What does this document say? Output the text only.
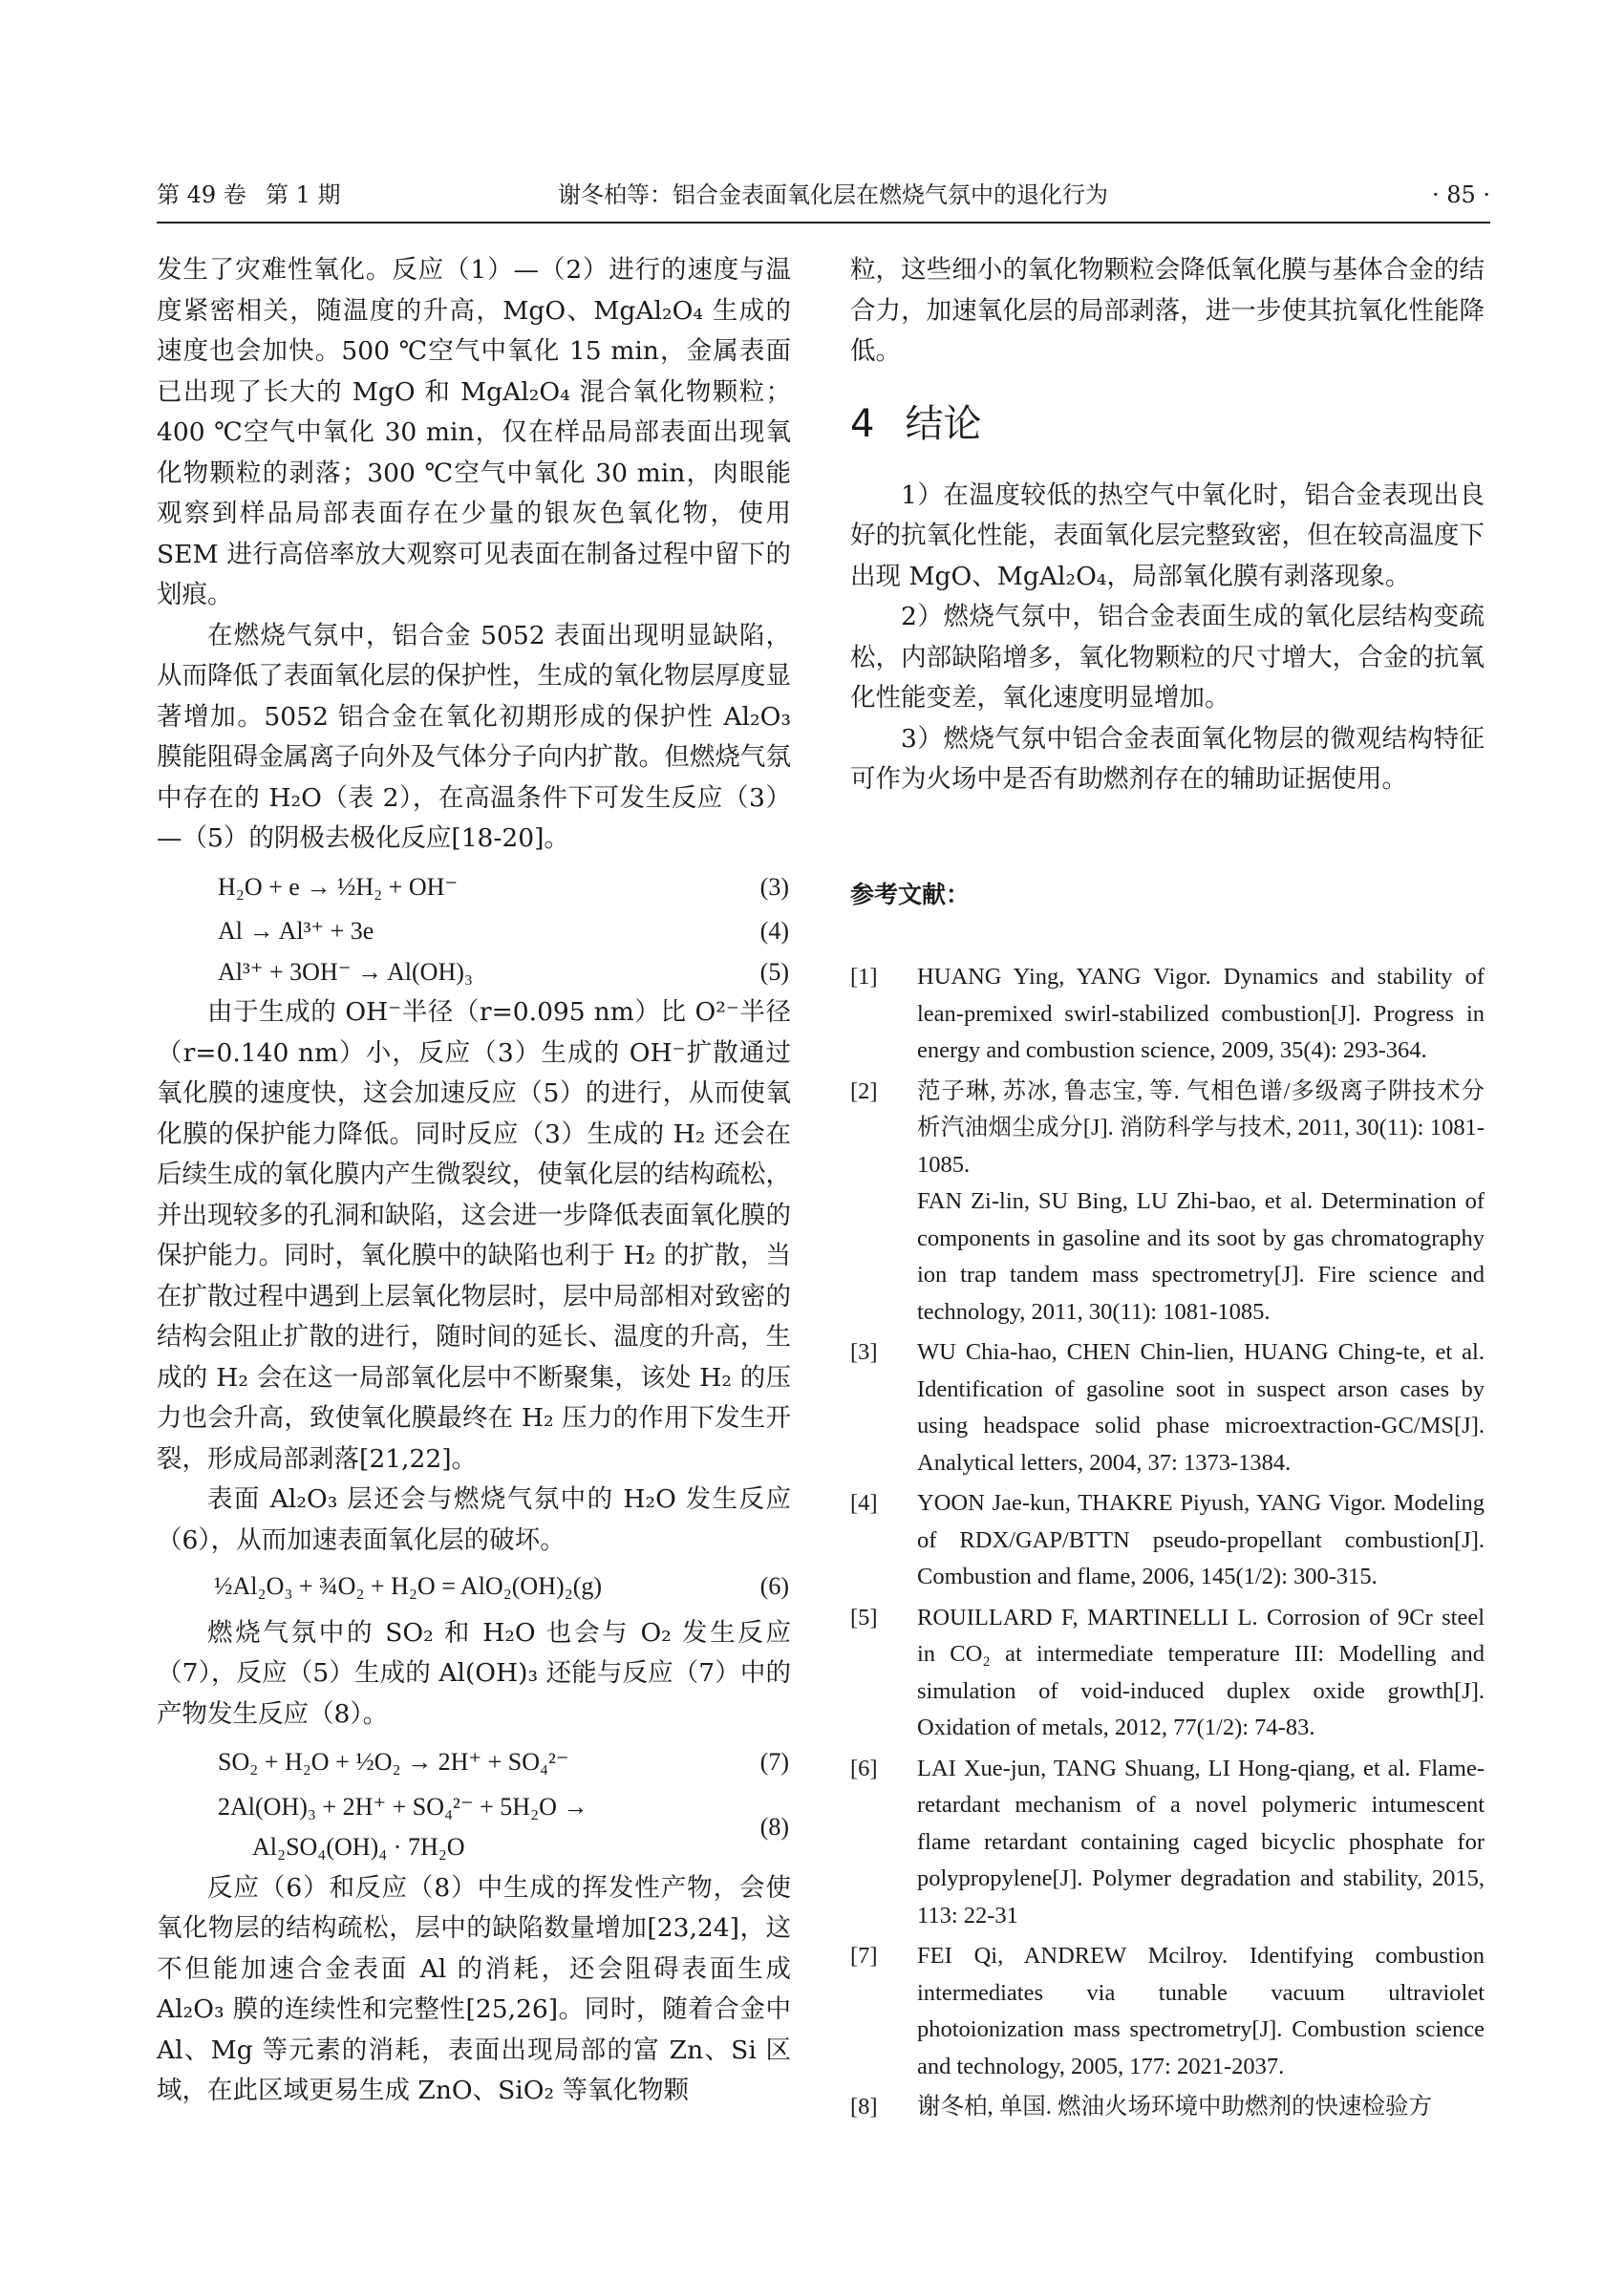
第 49 卷 第 1 期	谢冬柏等：铝合金表面氧化层在燃烧气氛中的退化行为	· 85 ·

发生了灾难性氧化。反应（1）—（2）进行的速度与温度紧密相关，随温度的升高，MgO、MgAl₂O₄ 生成的速度也会加快。500 ℃空气中氧化 15 min，金属表面已出现了长大的 MgO 和 MgAl₂O₄ 混合氧化物颗粒；400 ℃空气中氧化 30 min，仅在样品局部表面出现氧化物颗粒的剥落；300 ℃空气中氧化 30 min，肉眼能观察到样品局部表面存在少量的银灰色氧化物，使用 SEM 进行高倍率放大观察可见表面在制备过程中留下的划痕。

在燃烧气氛中，铝合金 5052 表面出现明显缺陷，从而降低了表面氧化层的保护性，生成的氧化物层厚度显著增加。5052 铝合金在氧化初期形成的保护性 Al₂O₃ 膜能阻碍金属离子向外及气体分子向内扩散。但燃烧气氛中存在的 H₂O（表 2），在高温条件下可发生反应（3）—（5）的阴极去极化反应[18-20]。

H₂O + e → ½H₂ + OH⁻	(3)
Al → Al³⁺ + 3e	(4)
Al³⁺ + 3OH⁻ → Al(OH)₃	(5)

由于生成的 OH⁻半径（r=0.095 nm）比 O²⁻半径（r=0.140 nm）小，反应（3）生成的 OH⁻扩散通过氧化膜的速度快，这会加速反应（5）的进行，从而使氧化膜的保护能力降低。同时反应（3）生成的 H₂ 还会在后续生成的氧化膜内产生微裂纹，使氧化层的结构疏松，并出现较多的孔洞和缺陷，这会进一步降低表面氧化膜的保护能力。同时，氧化膜中的缺陷也利于 H₂ 的扩散，当在扩散过程中遇到上层氧化物层时，层中局部相对致密的结构会阻止扩散的进行，随时间的延长、温度的升高，生成的 H₂ 会在这一局部氧化层中不断聚集，该处 H₂ 的压力也会升高，致使氧化膜最终在 H₂ 压力的作用下发生开裂，形成局部剥落[21,22]。

表面 Al₂O₃ 层还会与燃烧气氛中的 H₂O 发生反应（6），从而加速表面氧化层的破坏。

½Al₂O₃ + ¾O₂ + H₂O = AlO₂(OH)₂(g)	(6)

燃烧气氛中的 SO₂ 和 H₂O 也会与 O₂ 发生反应（7），反应（5）生成的 Al(OH)₃ 还能与反应（7）中的产物发生反应（8）。

SO₂ + H₂O + ½O₂ → 2H⁺ + SO₄²⁻	(7)
2Al(OH)₃ + 2H⁺ + SO₄²⁻ + 5H₂O →
Al₂SO₄(OH)₄ · 7H₂O
(8)

反应（6）和反应（8）中生成的挥发性产物，会使氧化物层的结构疏松，层中的缺陷数量增加[23,24]，这不但能加速合金表面 Al 的消耗，还会阻碍表面生成 Al₂O₃ 膜的连续性和完整性[25,26]。同时，随着合金中 Al、Mg 等元素的消耗，表面出现局部的富 Zn、Si 区域，在此区域更易生成 ZnO、SiO₂ 等氧化物颗

粒，这些细小的氧化物颗粒会降低氧化膜与基体合金的结合力，加速氧化层的局部剥落，进一步使其抗氧化性能降低。

4 结论

1）在温度较低的热空气中氧化时，铝合金表现出良好的抗氧化性能，表面氧化层完整致密，但在较高温度下出现 MgO、MgAl₂O₄，局部氧化膜有剥落现象。

2）燃烧气氛中，铝合金表面生成的氧化层结构变疏松，内部缺陷增多，氧化物颗粒的尺寸增大，合金的抗氧化性能变差，氧化速度明显增加。

3）燃烧气氛中铝合金表面氧化物层的微观结构特征可作为火场中是否有助燃剂存在的辅助证据使用。

参考文献：
[1]	HUANG Ying, YANG Vigor. Dynamics and stability of lean-premixed swirl-stabilized combustion[J]. Progress in energy and combustion science, 2009, 35(4): 293-364.
[2]	范子琳, 苏冰, 鲁志宝, 等. 气相色谱/多级离子阱技术分析汽油烟尘成分[J]. 消防科学与技术, 2011, 30(11): 1081-1085.
FAN Zi-lin, SU Bing, LU Zhi-bao, et al. Determination of components in gasoline and its soot by gas chromatography ion trap tandem mass spectrometry[J]. Fire science and technology, 2011, 30(11): 1081-1085.
[3]	WU Chia-hao, CHEN Chin-lien, HUANG Ching-te, et al. Identification of gasoline soot in suspect arson cases by using headspace solid phase microextraction-GC/MS[J]. Analytical letters, 2004, 37: 1373-1384.
[4]	YOON Jae-kun, THAKRE Piyush, YANG Vigor. Modeling of RDX/GAP/BTTN pseudo-propellant combustion[J]. Combustion and flame, 2006, 145(1/2): 300-315.
[5]	ROUILLARD F, MARTINELLI L. Corrosion of 9Cr steel in CO₂ at intermediate temperature III: Modelling and simulation of void-induced duplex oxide growth[J]. Oxidation of metals, 2012, 77(1/2): 74-83.
[6]	LAI Xue-jun, TANG Shuang, LI Hong-qiang, et al. Flame-retardant mechanism of a novel polymeric intumescent flame retardant containing caged bicyclic phosphate for polypropylene[J]. Polymer degradation and stability, 2015, 113: 22-31
[7]	FEI Qi, ANDREW Mcilroy. Identifying combustion intermediates via tunable vacuum ultraviolet photoionization mass spectrometry[J]. Combustion science and technology, 2005, 177: 2021-2037.
[8]	谢冬柏, 单国. 燃油火场环境中助燃剂的快速检验方
